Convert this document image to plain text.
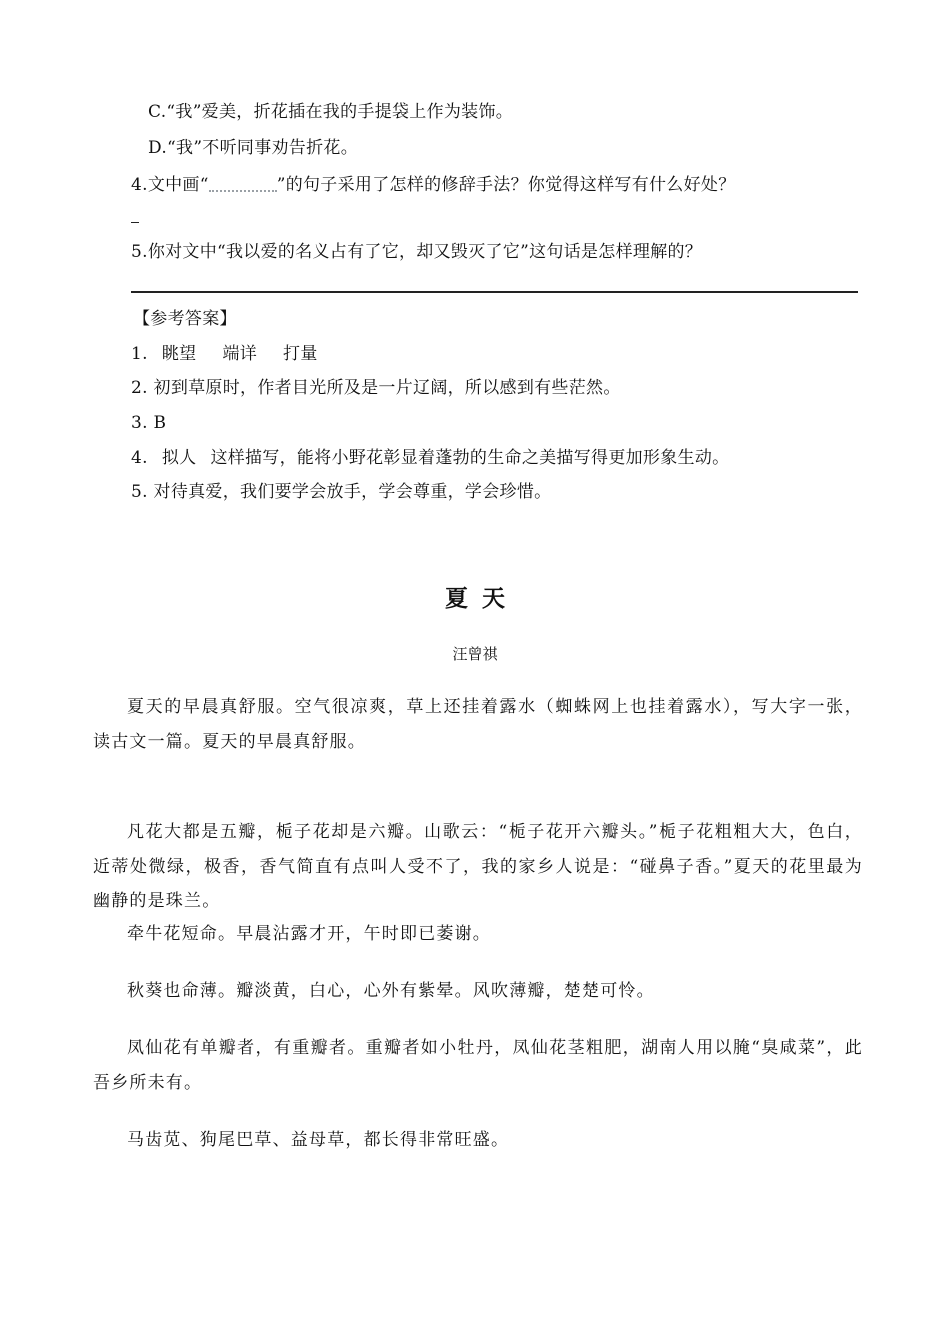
C.“我”爱美，折花插在我的手提袋上作为装饰。
D.“我”不听同事劝告折花。
4.文中画“	”的句子采用了怎样的修辞手法？你觉得这样写有什么好处？
5.你对文中“我以爱的名义占有了它，却又毁灭了它”这句话是怎样理解的？
【参考答案】
1. 眺望 端详 打量
2. 初到草原时，作者目光所及是一片辽阔，所以感到有些茫然。
3. B
4. 拟人 这样描写，能将小野花彰显着蓬勃的生命之美描写得更加形象生动。
5. 对待真爱，我们要学会放手，学会尊重，学会珍惜。
夏天
汪曾祺
夏天的早晨真舒服。空气很凉爽，草上还挂着露水（蜘蛛网上也挂着露水），写大字一张，读古文一篇。夏天的早晨真舒服。
凡花大都是五瓣，栀子花却是六瓣。山歌云：“栀子花开六瓣头。”栀子花粗粗大大，色白，近蒂处微绿，极香，香气简直有点叫人受不了，我的家乡人说是：“碰鼻子香。”夏天的花里最为幽静的是珠兰。
牵牛花短命。早晨沾露才开，午时即已萎谢。
秋葵也命薄。瓣淡黄，白心，心外有紫晕。风吹薄瓣，楚楚可怜。
凤仙花有单瓣者，有重瓣者。重瓣者如小牡丹，凤仙花茎粗肥，湖南人用以腌“臭咸菜”，此吾乡所未有。
马齿苋、狗尾巴草、益母草，都长得非常旺盛。
